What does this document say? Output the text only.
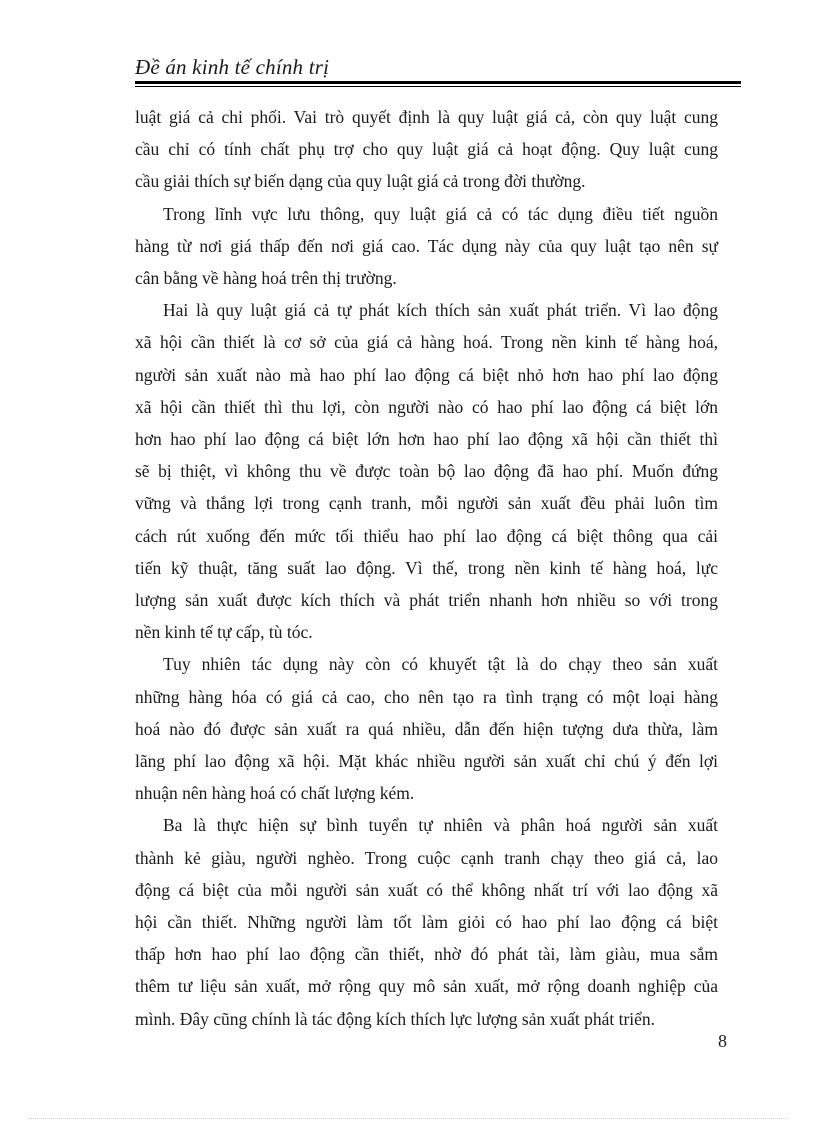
Đề án kinh tế chính trị

luật giá cả chi phối. Vai trò quyết định là quy luật giá cả, còn quy luật cung

cầu chỉ có tính chất phụ trợ cho quy luật giá cả hoạt động. Quy luật cung

cầu giải thích sự biến dạng của quy luật giá cả trong đời thường.

Trong lĩnh vực lưu thông, quy luật giá cả có tác dụng điều tiết nguồn

hàng từ nơi giá thấp đến nơi giá cao. Tác dụng này của quy luật tạo nên sự

cân bằng về hàng hoá trên thị trường.

Hai là quy luật giá cả tự phát kích thích sản xuất phát triển. Vì lao động

xã hội cần thiết là cơ sở của giá cả hàng hoá. Trong nền kinh tế hàng hoá,

người sản xuất nào mà hao phí lao động cá biệt nhỏ hơn hao phí lao động

xã hội cần thiết thì thu lợi, còn người nào có hao phí lao động cá biệt lớn

hơn hao phí lao động cá biệt lớn hơn hao phí lao động xã hội cần thiết thì

sẽ bị thiệt, vì không thu về được toàn bộ lao động đã hao phí. Muốn đứng

vững và thắng lợi trong cạnh tranh, mỗi người sản xuất đều phải luôn tìm

cách rút xuống đến mức tối thiểu hao phí lao động cá biệt thông qua cải

tiến kỹ thuật, tăng suất lao động. Vì thế, trong nền kinh tế hàng hoá, lực

lượng sản xuất được kích thích và phát triển nhanh hơn nhiều so với trong

nền kinh tế tự cấp, tù tóc.

Tuy nhiên tác dụng này còn có khuyết tật là do chạy theo sản xuất

những hàng hóa có giá cả cao, cho nên tạo ra tình trạng có một loại hàng

hoá nào đó được sản xuất ra quá nhiều, dẫn đến hiện tượng dưa thừa, làm

lãng phí lao động xã hội. Mặt khác nhiều người sản xuất chỉ chú ý đến lợi

nhuận nên hàng hoá có chất lượng kém.

Ba là thực hiện sự bình tuyển tự nhiên và phân hoá người sản xuất

thành kẻ giàu, người nghèo. Trong cuộc cạnh tranh chạy theo giá cả, lao

động cá biệt của mỗi người sản xuất có thể không nhất trí với lao động xã

hội cần thiết. Những người làm tốt làm giỏi có hao phí lao động cá biệt

thấp hơn hao phí lao động cần thiết, nhờ đó phát tài, làm giàu, mua sắm

thêm tư liệu sản xuất, mở rộng quy mô sản xuất, mở rộng doanh nghiệp của

mình. Đây cũng chính là tác động kích thích lực lượng sản xuất phát triển.

8
